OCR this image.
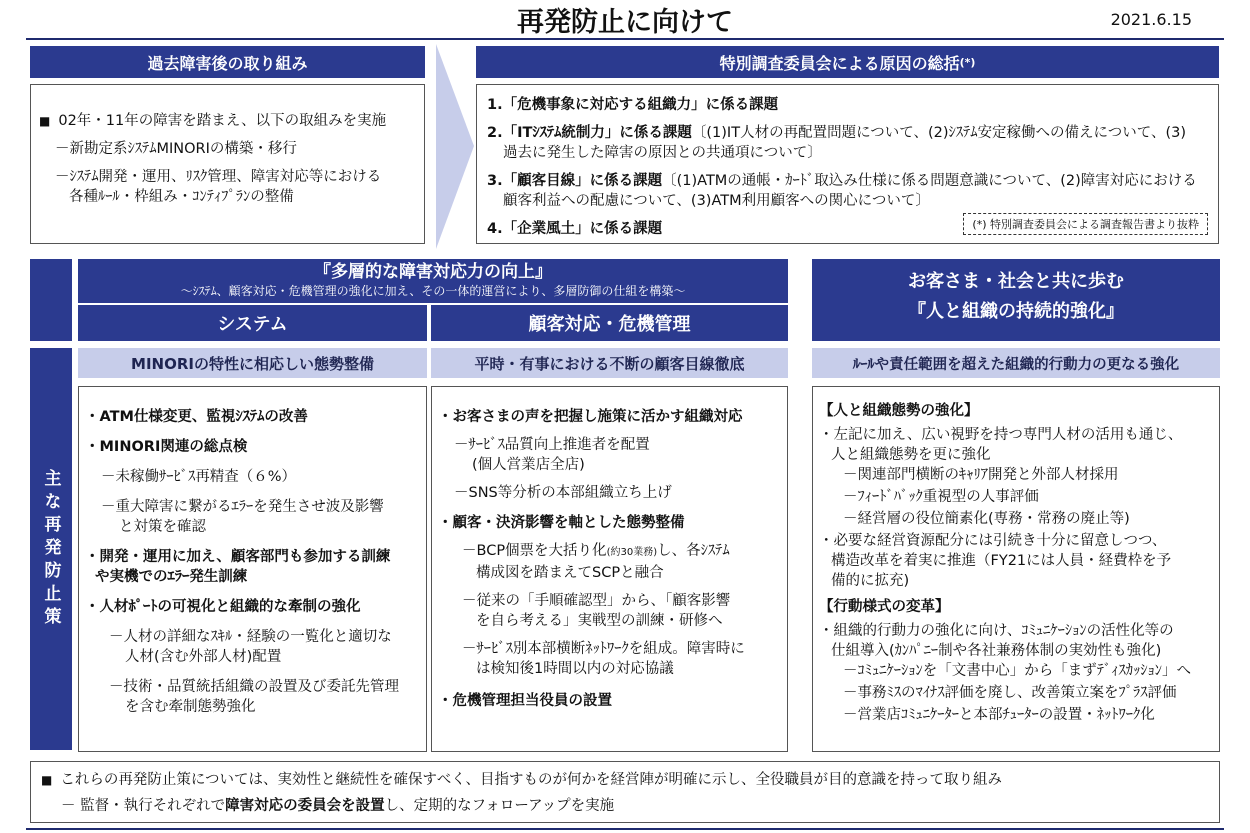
再発防止に向けて	2021.6.15
過去障害後の取り組み
■ 02年・11年の障害を踏まえ、以下の取組みを実施
－新勘定系ｼｽﾃﾑMINORIの構築・移行
－ｼｽﾃﾑ開発・運用、ﾘｽｸ管理、障害対応等における
各種ﾙｰﾙ・枠組み・ｺﾝﾃｨﾌﾟﾗﾝの整備
特別調査委員会による原因の総括 (*)
1.「危機事象に対応する組織力」に係る課題
2.「ITｼｽﾃﾑ統制力」に係る課題〔(1)IT人材の再配置問題について、(2)ｼｽﾃﾑ安定稼働への備えについて、(3)
過去に発生した障害の原因との共通項について〕
3.「顧客目線」に係る課題〔(1)ATMの通帳・ｶｰﾄﾞ取込み仕様に係る問題意識について、(2)障害対応における
顧客利益への配慮について、(3)ATM利用顧客への関心について〕
4.「企業風土」に係る課題	(*) 特別調査委員会による調査報告書より抜粋
主な再発防止策
『多層的な障害対応力の向上』
～ｼｽﾃﾑ、顧客対応・危機管理の強化に加え、その一体的運営により、多層防御の仕組を構築～
システム
MINORIの特性に相応しい態勢整備
・ATM仕様変更、監視ｼｽﾃﾑの改善
・MINORI関連の総点検
－未稼働ｻｰﾋﾞｽ再精査（６%）
－重大障害に繋がるｴﾗｰを発生させ波及影響
と対策を確認
・開発・運用に加え、顧客部門も参加する訓練
や実機でのｴﾗｰ発生訓練
・人材ﾎﾟｰﾄの可視化と組織的な牽制の強化
－人材の詳細なｽｷﾙ・経験の一覧化と適切な
人材(含む外部人材)配置
－技術・品質統括組織の設置及び委託先管理
を含む牽制態勢強化
顧客対応・危機管理
平時・有事における不断の顧客目線徹底
・お客さまの声を把握し施策に活かす組織対応
－ｻｰﾋﾞｽ品質向上推進者を配置
(個人営業店全店)
－SNS等分析の本部組織立ち上げ
・顧客・決済影響を軸とした態勢整備
－BCP個票を大括り化(約30業務)し、各ｼｽﾃﾑ
構成図を踏まえてSCPと融合
－従来の「手順確認型」から、「顧客影響
を自ら考える」実戦型の訓練・研修へ
－ｻｰﾋﾞｽ別本部横断ﾈｯﾄﾜｰｸを組成。障害時に
は検知後1時間以内の対応協議
・危機管理担当役員の設置
お客さま・社会と共に歩む
『人と組織の持続的強化』
ﾙｰﾙや責任範囲を超えた組織的行動力の更なる強化
【人と組織態勢の強化】
・左記に加え、広い視野を持つ専門人材の活用も通じ、
人と組織態勢を更に強化
－関連部門横断のｷｬﾘｱ開発と外部人材採用
－ﾌｨｰﾄﾞﾊﾞｯｸ重視型の人事評価
－経営層の役位簡素化(専務・常務の廃止等)
・必要な経営資源配分には引続き十分に留意しつつ、
構造改革を着実に推進（FY21には人員・経費枠を予
備的に拡充)
【行動様式の変革】
・組織的行動力の強化に向け、ｺﾐｭﾆｹｰｼｮﾝの活性化等の
仕組導入(ｶﾝﾊﾟﾆｰ制や各社兼務体制の実効性も強化)
－ｺﾐｭﾆｹｰｼｮﾝを「文書中心」から「まずﾃﾞｨｽｶｯｼｮﾝ」へ
－事務ﾐｽのﾏｲﾅｽ評価を廃し、改善策立案をﾌﾟﾗｽ評価
－営業店ｺﾐｭﾆｹｰﾀｰと本部ﾁｭｰﾀｰの設置・ﾈｯﾄﾜｰｸ化
■ これらの再発防止策については、実効性と継続性を確保すべく、目指すものが何かを経営陣が明確に示し、全役職員が目的意識を持って取り組み
－ 監督・執行それぞれで障害対応の委員会を設置し、定期的なフォローアップを実施
